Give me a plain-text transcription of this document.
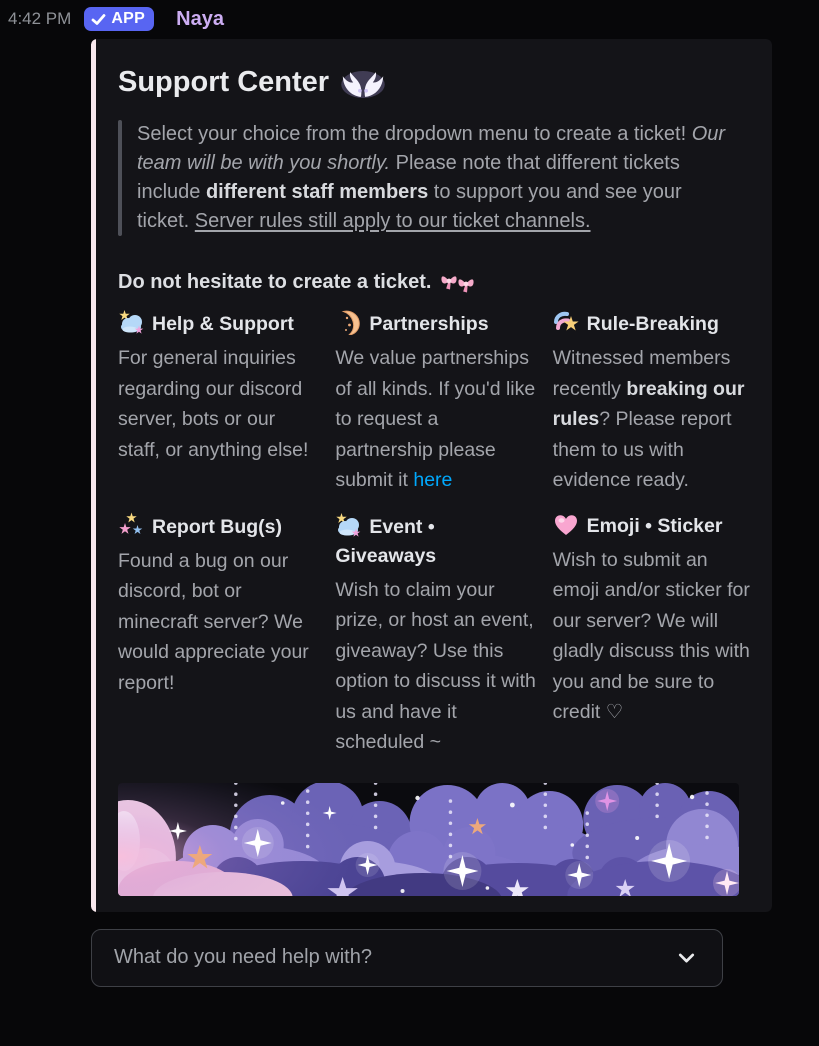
4:42 PM	APP Naya
Support Center
Select your choice from the dropdown menu to create a ticket! Our team will be with you shortly. Please note that different tickets include different staff members to support you and see your ticket. Server rules still apply to our ticket channels.
Do not hesitate to create a ticket.
Help & Support
For general inquiries regarding our discord server, bots or our staff, or anything else!
Partnerships
We value partnerships of all kinds. If you'd like to request a partnership please submit it here
Rule-Breaking
Witnessed members recently breaking our rules? Please report them to us with evidence ready.
Report Bug(s)
Found a bug on our discord, bot or minecraft server? We would appreciate your report!
Event • Giveaways
Wish to claim your prize, or host an event, giveaway? Use this option to discuss it with us and have it scheduled ~
Emoji • Sticker
Wish to submit an emoji and/or sticker for our server? We will gladly discuss this with you and be sure to credit ♡
What do you need help with?
